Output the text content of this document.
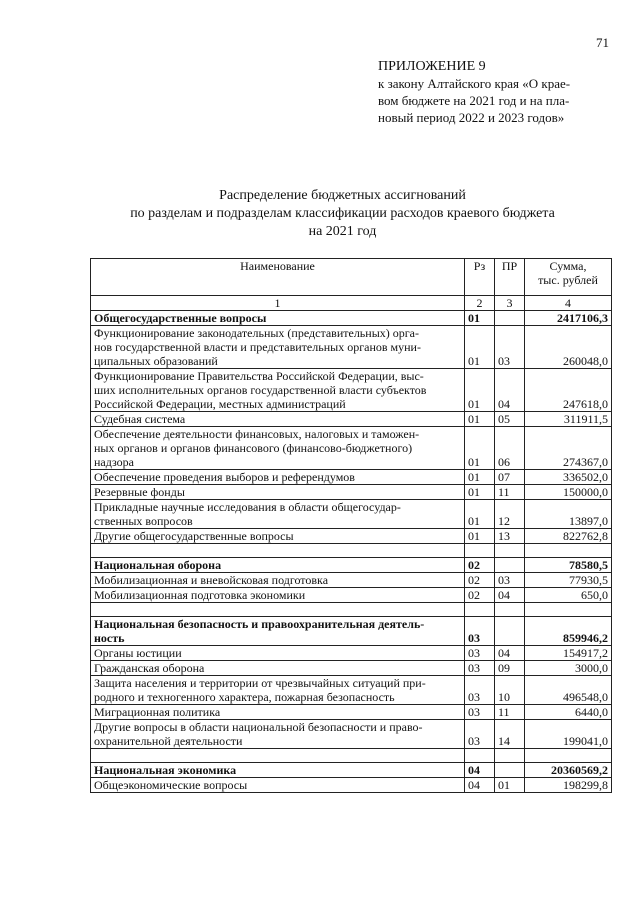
71
ПРИЛОЖЕНИЕ 9
к закону Алтайского края «О крае-
вом бюджете на 2021 год и на пла-
новый период 2022 и 2023 годов»
Распределение бюджетных ассигнований
по разделам и подразделам классификации расходов краевого бюджета
на 2021 год
Наименование	Рз	ПР	Сумма,
тыс. рублей

1	2	3	4

Общегосударственные вопросы	01		2417106,3

Функционирование законодательных (представительных) орга-
нов государственной власти и представительных органов муни-
ципальных образований	01	03	260048,0

Функционирование Правительства Российской Федерации, выс-
ших исполнительных органов государственной власти субъектов
Российской Федерации, местных администраций	01	04	247618,0

Судебная система	01	05	311911,5

Обеспечение деятельности финансовых, налоговых и таможен-
ных органов и органов финансового (финансово-бюджетного)
надзора	01	06	274367,0

Обеспечение проведения выборов и референдумов	01	07	336502,0

Резервные фонды	01	11	150000,0

Прикладные научные исследования в области общегосудар-
ственных вопросов	01	12	13897,0

Другие общегосударственные вопросы	01	13	822762,8

Национальная оборона	02		78580,5

Мобилизационная и вневойсковая подготовка	02	03	77930,5

Мобилизационная подготовка экономики	02	04	650,0

Национальная безопасность и правоохранительная деятель-
ность	03		859946,2

Органы юстиции	03	04	154917,2

Гражданская оборона	03	09	3000,0

Защита населения и территории от чрезвычайных ситуаций при-
родного и техногенного характера, пожарная безопасность	03	10	496548,0

Миграционная политика	03	11	6440,0

Другие вопросы в области национальной безопасности и право-
охранительной деятельности	03	14	199041,0

Национальная экономика	04		20360569,2

Общеэкономические вопросы	04	01	198299,8
